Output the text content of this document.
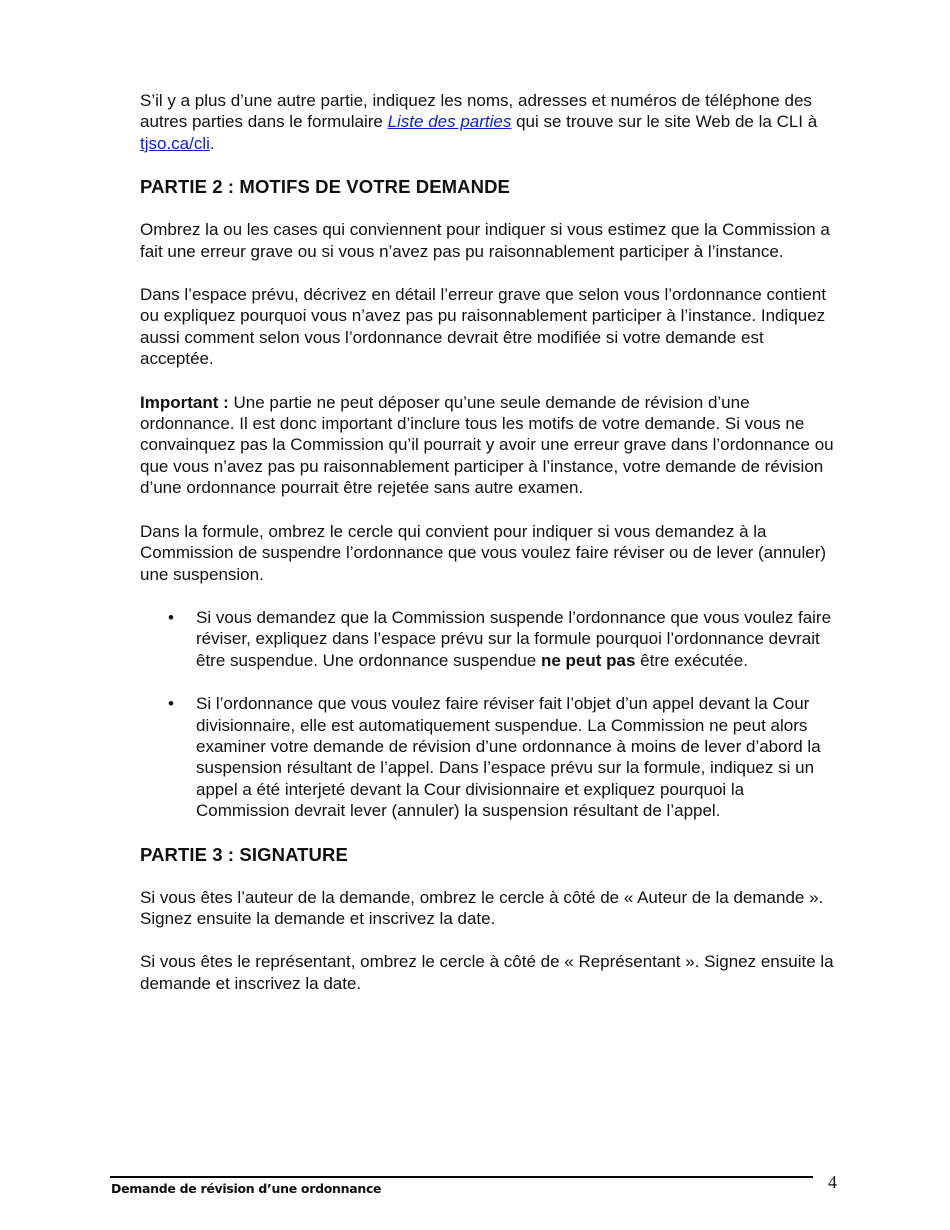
S’il y a plus d’une autre partie, indiquez les noms, adresses et numéros de téléphone des autres parties dans le formulaire Liste des parties qui se trouve sur le site Web de la CLI à tjso.ca/cli.

PARTIE 2 : MOTIFS DE VOTRE DEMANDE

Ombrez la ou les cases qui conviennent pour indiquer si vous estimez que la Commission a fait une erreur grave ou si vous n’avez pas pu raisonnablement participer à l’instance.

Dans l’espace prévu, décrivez en détail l’erreur grave que selon vous l’ordonnance contient ou expliquez pourquoi vous n’avez pas pu raisonnablement participer à l’instance. Indiquez aussi comment selon vous l’ordonnance devrait être modifiée si votre demande est acceptée.

Important : Une partie ne peut déposer qu’une seule demande de révision d’une ordonnance. Il est donc important d’inclure tous les motifs de votre demande. Si vous ne convainquez pas la Commission qu’il pourrait y avoir une erreur grave dans l’ordonnance ou que vous n’avez pas pu raisonnablement participer à l’instance, votre demande de révision d’une ordonnance pourrait être rejetée sans autre examen.

Dans la formule, ombrez le cercle qui convient pour indiquer si vous demandez à la Commission de suspendre l’ordonnance que vous voulez faire réviser ou de lever (annuler) une suspension.

• Si vous demandez que la Commission suspende l’ordonnance que vous voulez faire réviser, expliquez dans l’espace prévu sur la formule pourquoi l’ordonnance devrait être suspendue. Une ordonnance suspendue ne peut pas être exécutée.
• Si l’ordonnance que vous voulez faire réviser fait l’objet d’un appel devant la Cour divisionnaire, elle est automatiquement suspendue. La Commission ne peut alors examiner votre demande de révision d’une ordonnance à moins de lever d’abord la suspension résultant de l’appel. Dans l’espace prévu sur la formule, indiquez si un appel a été interjeté devant la Cour divisionnaire et expliquez pourquoi la Commission devrait lever (annuler) la suspension résultant de l’appel.
PARTIE 3 : SIGNATURE

Si vous êtes l’auteur de la demande, ombrez le cercle à côté de « Auteur de la demande ». Signez ensuite la demande et inscrivez la date.

Si vous êtes le représentant, ombrez le cercle à côté de « Représentant ». Signez ensuite la demande et inscrivez la date.

Demande de révision d’une ordonnance	4
